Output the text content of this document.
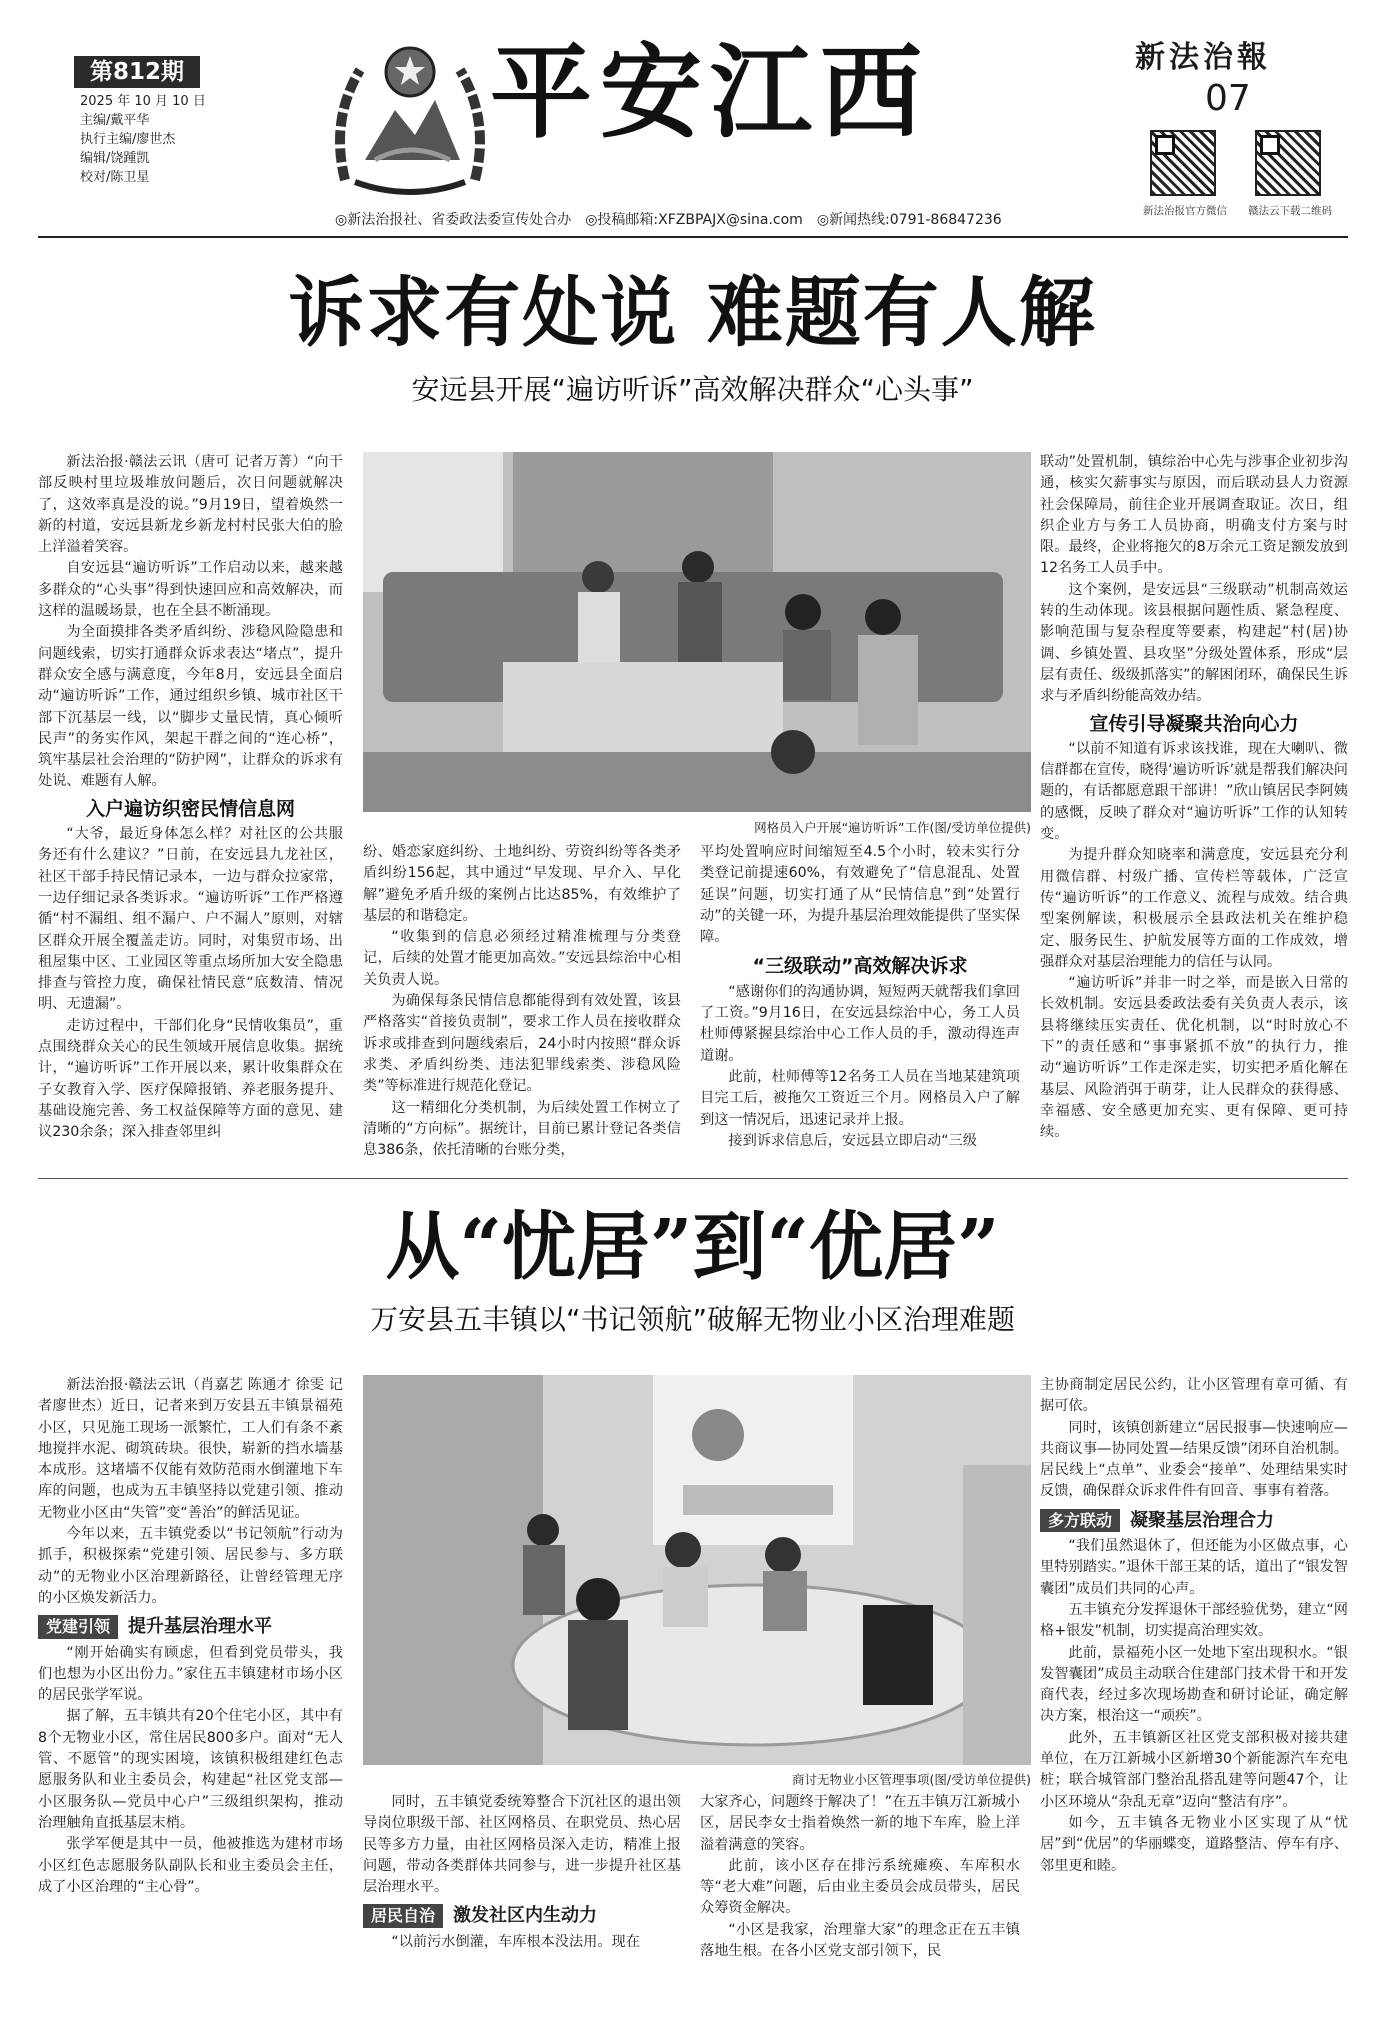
第812期
2025 年 10 月 10 日
主编/戴平华
执行主编/廖世杰
编辑/饶踵凯
校对/陈卫星
平安江西	新法治報
07
新法治报官方微信	赣法云下载二维码
◎新法治报社、省委政法委宣传处合办　◎投稿邮箱:XFZBPAJX@sina.com　◎新闻热线:0791-86847236
诉求有处说 难题有人解
安远县开展“遍访听诉”高效解决群众“心头事”

新法治报·赣法云讯（唐可 记者万菁）“向干部反映村里垃圾堆放问题后，次日问题就解决了，这效率真是没的说。”9月19日，望着焕然一新的村道，安远县新龙乡新龙村村民张大伯的脸上洋溢着笑容。

自安远县“遍访听诉”工作启动以来，越来越多群众的“心头事”得到快速回应和高效解决，而这样的温暖场景，也在全县不断涌现。

为全面摸排各类矛盾纠纷、涉稳风险隐患和问题线索，切实打通群众诉求表达“堵点”，提升群众安全感与满意度，今年8月，安远县全面启动“遍访听诉”工作，通过组织乡镇、城市社区干部下沉基层一线，以“脚步丈量民情，真心倾听民声”的务实作风，架起干群之间的“连心桥”，筑牢基层社会治理的“防护网”，让群众的诉求有处说、难题有人解。

入户遍访织密民情信息网

“大爷，最近身体怎么样？对社区的公共服务还有什么建议？”日前，在安远县九龙社区，社区干部手持民情记录本，一边与群众拉家常，一边仔细记录各类诉求。“遍访听诉”工作严格遵循“村不漏组、组不漏户、户不漏人”原则，对辖区群众开展全覆盖走访。同时，对集贸市场、出租屋集中区、工业园区等重点场所加大安全隐患排查与管控力度，确保社情民意“底数清、情况明、无遗漏”。

走访过程中，干部们化身“民情收集员”，重点围绕群众关心的民生领域开展信息收集。据统计，“遍访听诉”工作开展以来，累计收集群众在子女教育入学、医疗保障报销、养老服务提升、基础设施完善、务工权益保障等方面的意见、建议230余条；深入排查邻里纠

网格员入户开展“遍访听诉”工作(图/受访单位提供)

纷、婚恋家庭纠纷、土地纠纷、劳资纠纷等各类矛盾纠纷156起，其中通过“早发现、早介入、早化解”避免矛盾升级的案例占比达85%，有效维护了基层的和谐稳定。

“收集到的信息必须经过精准梳理与分类登记，后续的处置才能更加高效。”安远县综治中心相关负责人说。

为确保每条民情信息都能得到有效处置，该县严格落实“首接负责制”，要求工作人员在接收群众诉求或排查到问题线索后，24小时内按照“群众诉求类、矛盾纠纷类、违法犯罪线索类、涉稳风险类”等标准进行规范化登记。

这一精细化分类机制，为后续处置工作树立了清晰的“方向标”。据统计，目前已累计登记各类信息386条，依托清晰的台账分类，

平均处置响应时间缩短至4.5个小时，较未实行分类登记前提速60%，有效避免了“信息混乱、处置延误”问题，切实打通了从“民情信息”到“处置行动”的关键一环，为提升基层治理效能提供了坚实保障。

“三级联动”高效解决诉求

“感谢你们的沟通协调，短短两天就帮我们拿回了工资。”9月16日，在安远县综治中心，务工人员杜师傅紧握县综治中心工作人员的手，激动得连声道谢。

此前，杜师傅等12名务工人员在当地某建筑项目完工后，被拖欠工资近三个月。网格员入户了解到这一情况后，迅速记录并上报。

接到诉求信息后，安远县立即启动“三级

联动”处置机制，镇综治中心先与涉事企业初步沟通，核实欠薪事实与原因，而后联动县人力资源社会保障局，前往企业开展调查取证。次日，组织企业方与务工人员协商，明确支付方案与时限。最终，企业将拖欠的8万余元工资足额发放到12名务工人员手中。

这个案例，是安远县“三级联动”机制高效运转的生动体现。该县根据问题性质、紧急程度、影响范围与复杂程度等要素，构建起“村(居)协调、乡镇处置、县攻坚”分级处置体系，形成“层层有责任、级级抓落实”的解困闭环，确保民生诉求与矛盾纠纷能高效办结。

宣传引导凝聚共治向心力

“以前不知道有诉求该找谁，现在大喇叭、微信群都在宣传，晓得‘遍访听诉’就是帮我们解决问题的，有话都愿意跟干部讲！”欣山镇居民李阿姨的感慨，反映了群众对“遍访听诉”工作的认知转变。

为提升群众知晓率和满意度，安远县充分利用微信群、村级广播、宣传栏等载体，广泛宣传“遍访听诉”的工作意义、流程与成效。结合典型案例解读，积极展示全县政法机关在维护稳定、服务民生、护航发展等方面的工作成效，增强群众对基层治理能力的信任与认同。

“遍访听诉”并非一时之举，而是嵌入日常的长效机制。安远县委政法委有关负责人表示，该县将继续压实责任、优化机制，以“时时放心不下”的责任感和“事事紧抓不放”的执行力，推动“遍访听诉”工作走深走实，切实把矛盾化解在基层、风险消弭于萌芽，让人民群众的获得感、幸福感、安全感更加充实、更有保障、更可持续。

从“忧居”到“优居”
万安县五丰镇以“书记领航”破解无物业小区治理难题

新法治报·赣法云讯（肖嘉艺 陈通才 徐雯 记者廖世杰）近日，记者来到万安县五丰镇景福苑小区，只见施工现场一派繁忙，工人们有条不紊地搅拌水泥、砌筑砖块。很快，崭新的挡水墙基本成形。这堵墙不仅能有效防范雨水倒灌地下车库的问题，也成为五丰镇坚持以党建引领、推动无物业小区由“失管”变“善治”的鲜活见证。

今年以来，五丰镇党委以“书记领航”行动为抓手，积极探索“党建引领、居民参与、多方联动”的无物业小区治理新路径，让曾经管理无序的小区焕发新活力。

党建引领 提升基层治理水平

“刚开始确实有顾虑，但看到党员带头，我们也想为小区出份力。”家住五丰镇建材市场小区的居民张学军说。

据了解，五丰镇共有20个住宅小区，其中有8个无物业小区，常住居民800多户。面对“无人管、不愿管”的现实困境，该镇积极组建红色志愿服务队和业主委员会，构建起“社区党支部—小区服务队—党员中心户”三级组织架构，推动治理触角直抵基层末梢。

张学军便是其中一员，他被推选为建材市场小区红色志愿服务队副队长和业主委员会主任，成了小区治理的“主心骨”。

商讨无物业小区管理事项(图/受访单位提供)

同时，五丰镇党委统筹整合下沉社区的退出领导岗位职级干部、社区网格员、在职党员、热心居民等多方力量，由社区网格员深入走访，精准上报问题，带动各类群体共同参与，进一步提升社区基层治理水平。

居民自治 激发社区内生动力

“以前污水倒灌，车库根本没法用。现在

大家齐心，问题终于解决了！”在五丰镇万江新城小区，居民李女士指着焕然一新的地下车库，脸上洋溢着满意的笑容。

此前，该小区存在排污系统瘫痪、车库积水等“老大难”问题，后由业主委员会成员带头，居民众筹资金解决。

“小区是我家，治理靠大家”的理念正在五丰镇落地生根。在各小区党支部引领下，民

主协商制定居民公约，让小区管理有章可循、有据可依。

同时，该镇创新建立“居民报事—快速响应—共商议事—协同处置—结果反馈”闭环自治机制。居民线上“点单”、业委会“接单”、处理结果实时反馈，确保群众诉求件件有回音、事事有着落。

多方联动 凝聚基层治理合力

“我们虽然退休了，但还能为小区做点事，心里特别踏实。”退休干部王某的话，道出了“银发智囊团”成员们共同的心声。

五丰镇充分发挥退休干部经验优势，建立“网格+银发”机制，切实提高治理实效。

此前，景福苑小区一处地下室出现积水。“银发智囊团”成员主动联合住建部门技术骨干和开发商代表，经过多次现场勘查和研讨论证，确定解决方案，根治这一“顽疾”。

此外，五丰镇新区社区党支部积极对接共建单位，在万江新城小区新增30个新能源汽车充电桩；联合城管部门整治乱搭乱建等问题47个，让小区环境从“杂乱无章”迈向“整洁有序”。

如今，五丰镇各无物业小区实现了从“忧居”到“优居”的华丽蝶变，道路整洁、停车有序、邻里更和睦。
